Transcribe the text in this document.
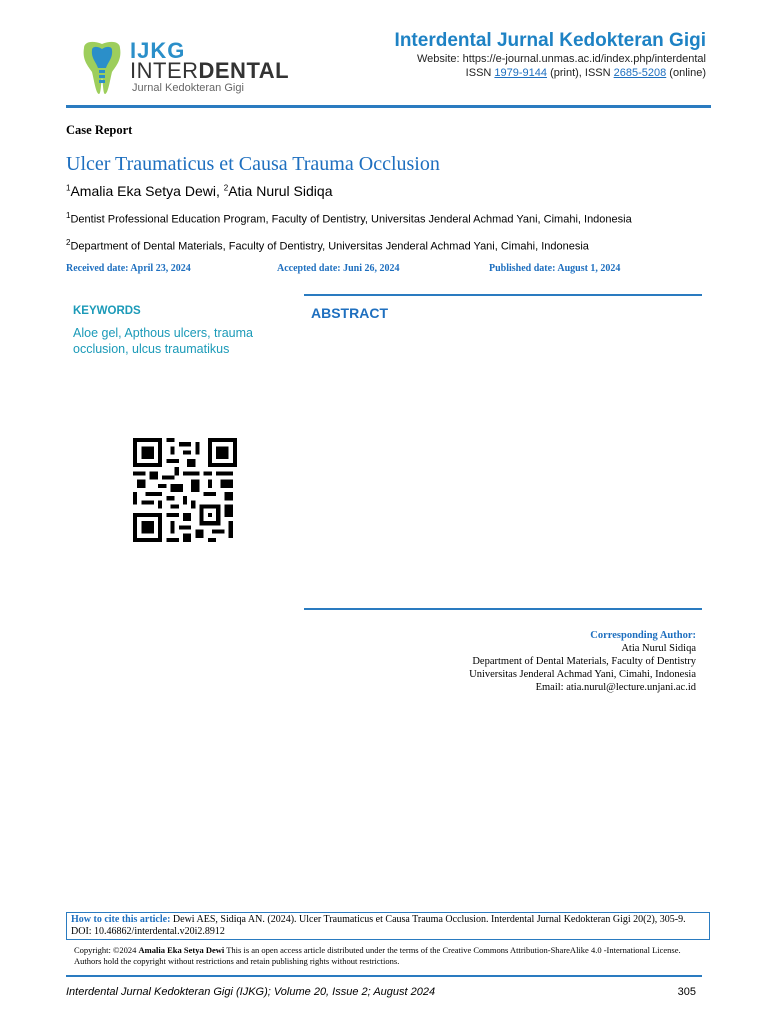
IJKG
INTERDENTAL
Jurnal Kedokteran Gigi
Interdental Jurnal Kedokteran Gigi
Website: https://e-journal.unmas.ac.id/index.php/interdental
ISSN 1979-9144 (print), ISSN 2685-5208 (online)
Case Report
Ulcer Traumaticus et Causa Trauma Occlusion
$^1$Amalia Eka Setya Dewi, $^2$Atia Nurul Sidiqa
$^1$Dentist Professional Education Program, Faculty of Dentistry, Universitas Jenderal Achmad Yani, Cimahi, Indonesia
$^2$Department of Dental Materials, Faculty of Dentistry, Universitas Jenderal Achmad Yani, Cimahi, Indonesia
Received date: April 23, 2024	Accepted date: Juni 26, 2024	Published date: August 1, 2024
KEYWORDS
Aloe gel, Apthous ulcers, trauma occlusion, ulcus traumatikus
ABSTRACT
Corresponding Author:
Atia Nurul Sidiqa
Department of Dental Materials, Faculty of Dentistry
Universitas Jenderal Achmad Yani, Cimahi, Indonesia
Email: atia.nurul@lecture.unjani.ac.id
How to cite this article: Dewi AES, Sidiqa AN. (2024). Ulcer Traumaticus et Causa Trauma Occlusion. Interdental Jurnal Kedokteran Gigi 20(2), 305-9. DOI: 10.46862/interdental.v20i2.8912
Copyright: ©2024 Amalia Eka Setya Dewi This is an open access article distributed under the terms of the Creative Commons Attribution-ShareAlike 4.0 -International License. Authors hold the copyright without restrictions and retain publishing rights without restrictions.
Interdental Jurnal Kedokteran Gigi (IJKG); Volume 20, Issue 2; August 2024	305
